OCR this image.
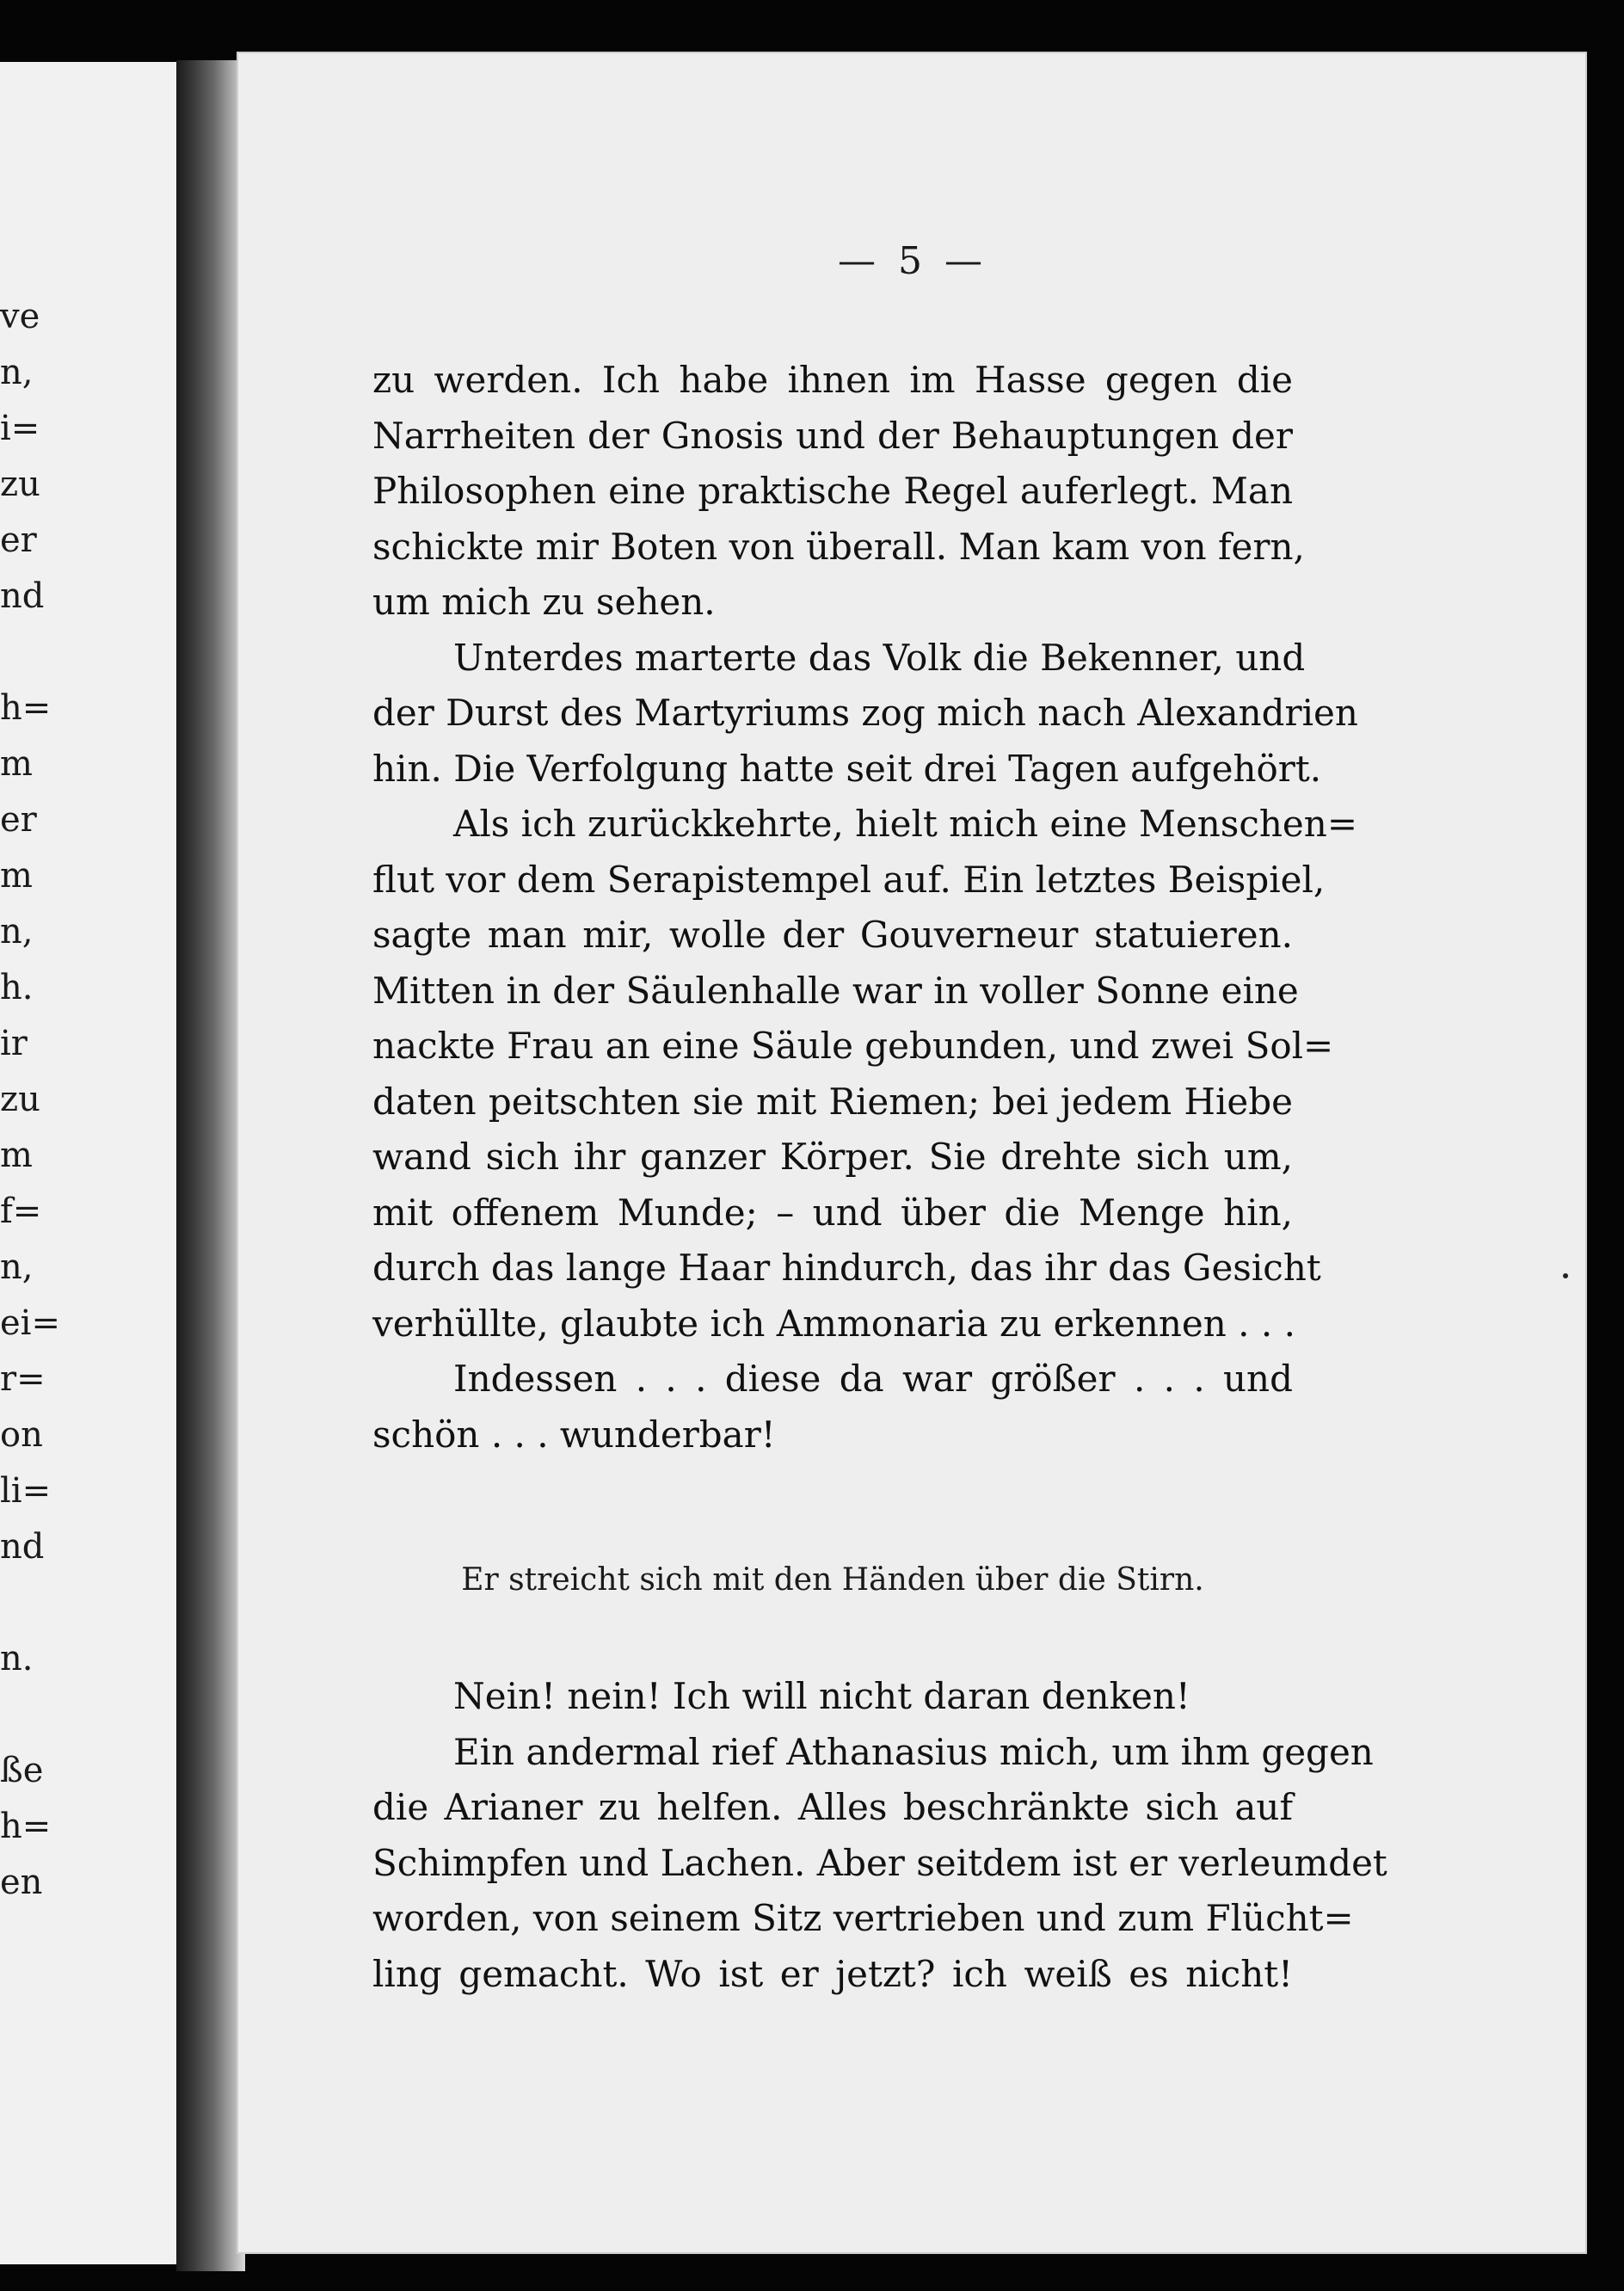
ve
n,
i=
zu
er
nd
h=
m
er
m
n,
h.
ir
zu
m
f=
n,
ei=
r=
on
li=
nd
n.
ße
h=
en
— 5 —
zu werden. Ich habe ihnen im Hasse gegen die
Narrheiten der Gnosis und der Behauptungen der
Philosophen eine praktische Regel auferlegt. Man
schickte mir Boten von überall. Man kam von fern,
um mich zu sehen.
Unterdes marterte das Volk die Bekenner, und
der Durst des Martyriums zog mich nach Alexandrien
hin. Die Verfolgung hatte seit drei Tagen aufgehört.
Als ich zurückkehrte, hielt mich eine Menschen=
flut vor dem Serapistempel auf. Ein letztes Beispiel,
sagte man mir, wolle der Gouverneur statuieren.
Mitten in der Säulenhalle war in voller Sonne eine
nackte Frau an eine Säule gebunden, und zwei Sol=
daten peitschten sie mit Riemen; bei jedem Hiebe
wand sich ihr ganzer Körper. Sie drehte sich um,
mit offenem Munde; – und über die Menge hin,
durch das lange Haar hindurch, das ihr das Gesicht
verhüllte, glaubte ich Ammonaria zu erkennen . . .
Indessen . . . diese da war größer . . . und
schön . . . wunderbar!
Er streicht sich mit den Händen über die Stirn.
Nein! nein! Ich will nicht daran denken!
Ein andermal rief Athanasius mich, um ihm gegen
die Arianer zu helfen. Alles beschränkte sich auf
Schimpfen und Lachen. Aber seitdem ist er verleumdet
worden, von seinem Sitz vertrieben und zum Flücht=
ling gemacht. Wo ist er jetzt? ich weiß es nicht!
